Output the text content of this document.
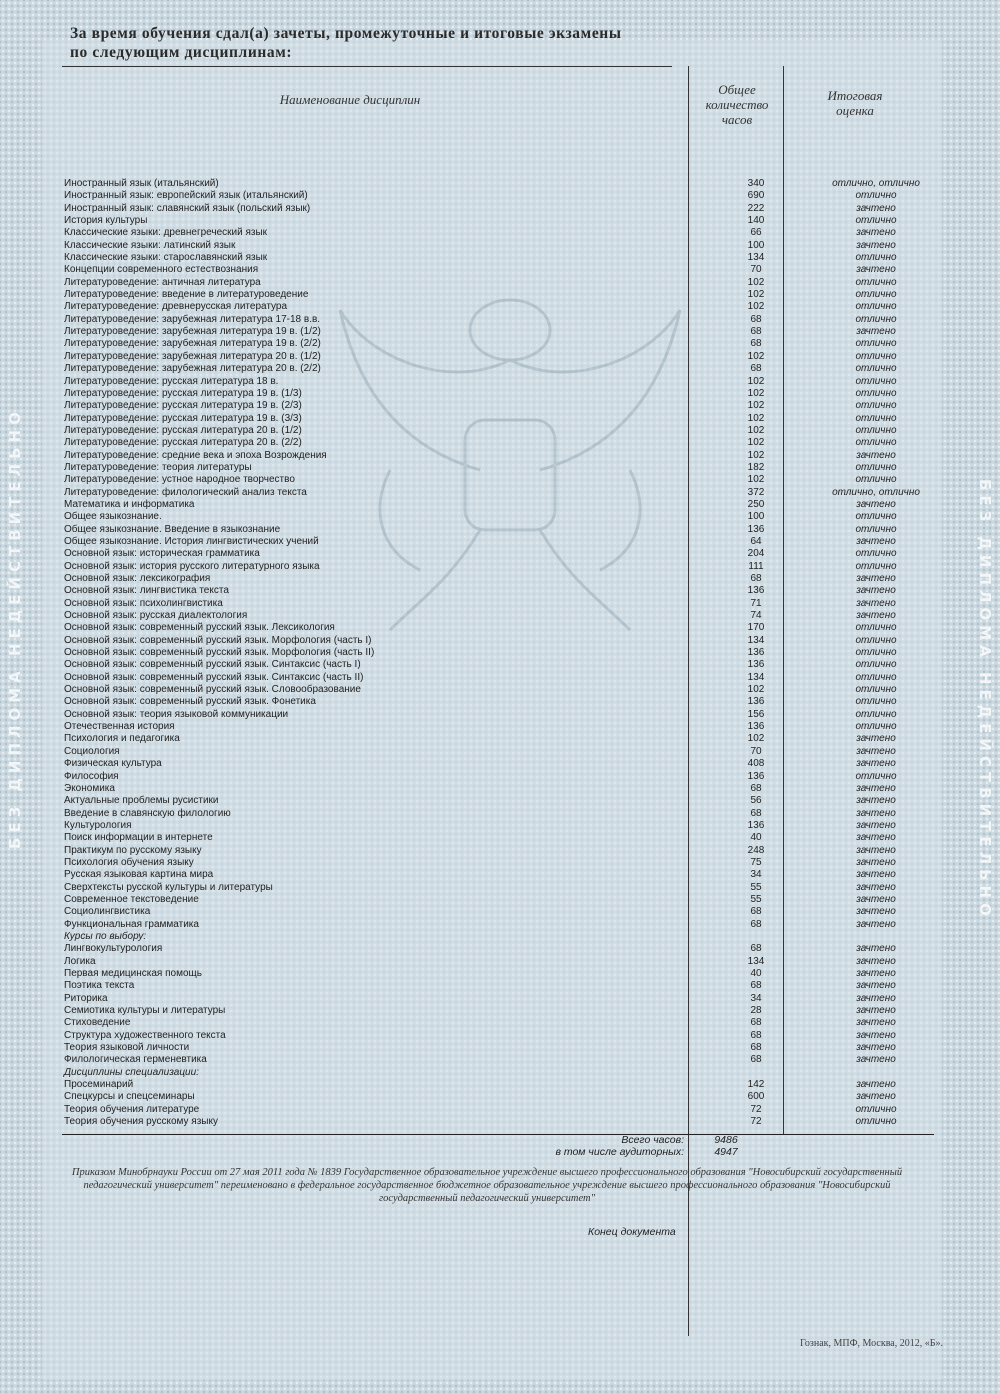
БЕЗ ДИПЛОМА НЕДЕЙСТВИТЕЛЬНО	БЕЗ ДИПЛОМА НЕДЕЙСТВИТЕЛЬНО
За время обучения сдал(а) зачеты, промежуточные и итоговые экзамены
по следующим дисциплинам:
Наименование дисциплин
Общее
количество
часов
Итоговая
оценка
Иностранный язык (итальянский)	340	отлично, отлично
Иностранный язык: европейский язык (итальянский)	690	отлично
Иностранный язык: славянский язык (польский язык)	222	зачтено
История культуры	140	отлично
Классические языки: древнегреческий язык	66	зачтено
Классические языки: латинский язык	100	зачтено
Классические языки: старославянский язык	134	отлично
Концепции современного естествознания	70	зачтено
Литературоведение: античная литература	102	отлично
Литературоведение: введение в литературоведение	102	отлично
Литературоведение: древнерусская литература	102	отлично
Литературоведение: зарубежная литература 17-18 в.в.	68	отлично
Литературоведение: зарубежная литература 19 в. (1/2)	68	зачтено
Литературоведение: зарубежная литература 19 в. (2/2)	68	отлично
Литературоведение: зарубежная литература 20 в. (1/2)	102	отлично
Литературоведение: зарубежная литература 20 в. (2/2)	68	отлично
Литературоведение: русская литература 18 в.	102	отлично
Литературоведение: русская литература 19 в. (1/3)	102	отлично
Литературоведение: русская литература 19 в. (2/3)	102	отлично
Литературоведение: русская литература 19 в. (3/3)	102	отлично
Литературоведение: русская литература 20 в. (1/2)	102	отлично
Литературоведение: русская литература 20 в. (2/2)	102	отлично
Литературоведение: средние века и эпоха Возрождения	102	зачтено
Литературоведение: теория литературы	182	отлично
Литературоведение: устное народное творчество	102	отлично
Литературоведение: филологический анализ текста	372	отлично, отлично
Математика и информатика	250	зачтено
Общее языкознание.	100	отлично
Общее языкознание. Введение в языкознание	136	отлично
Общее языкознание. История лингвистических учений	64	зачтено
Основной язык: историческая грамматика	204	отлично
Основной язык: история русского литературного языка	111	отлично
Основной язык: лексикография	68	зачтено
Основной язык: лингвистика текста	136	зачтено
Основной язык: психолингвистика	71	зачтено
Основной язык: русская диалектология	74	зачтено
Основной язык: современный русский язык. Лексикология	170	отлично
Основной язык: современный русский язык. Морфология (часть I)	134	отлично
Основной язык: современный русский язык. Морфология (часть II)	136	отлично
Основной язык: современный русский язык. Синтаксис (часть I)	136	отлично
Основной язык: современный русский язык. Синтаксис (часть II)	134	отлично
Основной язык: современный русский язык. Словообразование	102	отлично
Основной язык: современный русский язык. Фонетика	136	отлично
Основной язык: теория языковой коммуникации	156	отлично
Отечественная история	136	отлично
Психология и педагогика	102	зачтено
Социология	70	зачтено
Физическая культура	408	зачтено
Философия	136	отлично
Экономика	68	зачтено
Актуальные проблемы русистики	56	зачтено
Введение в славянскую филологию	68	зачтено
Культурология	136	зачтено
Поиск информации в интернете	40	зачтено
Практикум по русскому языку	248	зачтено
Психология обучения языку	75	зачтено
Русская языковая картина мира	34	зачтено
Сверхтексты русской культуры и литературы	55	зачтено
Современное текстоведение	55	зачтено
Социолингвистика	68	зачтено
Функциональная грамматика	68	зачтено
Курсы по выбору:
Лингвокультурология	68	зачтено
Логика	134	зачтено
Первая медицинская помощь	40	зачтено
Поэтика текста	68	зачтено
Риторика	34	зачтено
Семиотика культуры и литературы	28	зачтено
Стиховедение	68	зачтено
Структура художественного текста	68	зачтено
Теория языковой личности	68	зачтено
Филологическая герменевтика	68	зачтено
Дисциплины специализации:
Просеминарий	142	зачтено
Спецкурсы и спецсеминары	600	зачтено
Теория обучения литературе	72	отлично
Теория обучения русскому языку	72	отлично
Всего часов:	9486
в том числе аудиторных:	4947
Приказом Минобрнауки России от 27 мая 2011 года № 1839 Государственное образовательное учреждение высшего профессионального образования "Новосибирский государственный педагогический университет" переименовано в федеральное государственное бюджетное образовательное учреждение высшего профессионального образования "Новосибирский государственный педагогический университет"
Конец документа
Гознак, МПФ, Москва, 2012, «Б».
